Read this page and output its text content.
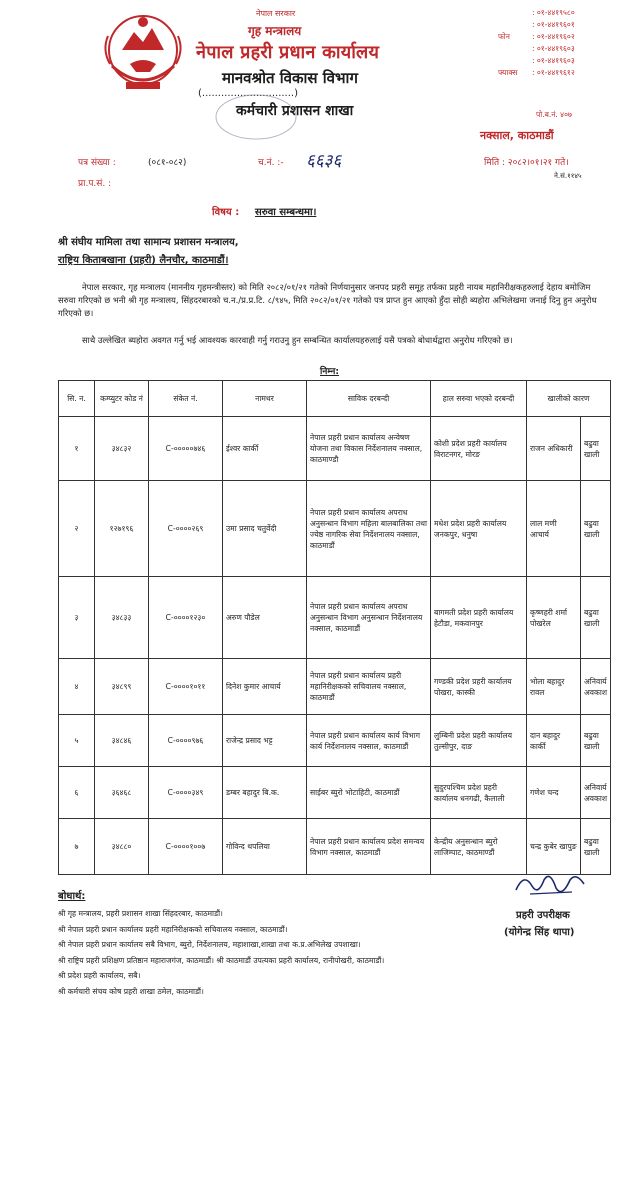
नेपाल सरकार
गृह मन्त्रालय
नेपाल प्रहरी प्रधान कार्यालय
मानवश्रोत विकास विभाग
(.............................)
कर्मचारी प्रशासन शाखा
: ०१-४४१९५८०
: ०१-४४१९६०१
फोन	: ०१-४४१९६०२
: ०१-४४१९६०३
: ०१-४४१९६०३
फ्याक्स : ०१-४४१९६१२
पो.ब.नं. ४०७
नक्साल, काठमाडौं
पत्र संख्या :	(०८१-०८२)	च.नं. :- ६६३६	मिति : २०८२।०१।२१ गते।
प्रा.प.सं. :
ने.सं.११४५
विषय : सरुवा सम्बन्धमा।
श्री संघीय मामिला तथा सामान्य प्रशासन मन्त्रालय,
राष्ट्रिय किताबखाना (प्रहरी) लैनचौर, काठमाडौं।
नेपाल सरकार, गृह मन्त्रालय (माननीय गृहमन्त्रीस्तर) को मिति २०८२/०१/२१ गतेको निर्णयानुसार जनपद प्रहरी समूह तर्फका प्रहरी नायब महानिरीक्षकहरुलाई देहाय बमोजिम सरुवा गरिएको छ भनी श्री गृह मन्त्रालय, सिंहदरबारको च.न./प्र.प्र.टि. ८/९४५, मिति २०८२/०१/२१ गतेको पत्र प्राप्त हुन आएको हुँदा सोही ब्यहोरा अभिलेखमा जनाई दिनु हुन अनुरोध गरिएको छ।
साथै उल्लेखित ब्यहोरा अवगत गर्नु भई आवश्यक कारवाही गर्नु गराउनु हुन सम्बन्धित कार्यालयहरुलाई यसै पत्रको बोधार्थद्वारा अनुरोध गरिएको छ।
निम्न:
सि. न.	कम्प्युटर कोड नं	संकेत नं.	नामथर	साविक दरबन्दी	हाल सरुवा भएको दरबन्दी	खालीको कारण	
१	३४८३२	C-०००००७४६	ईश्वर कार्की	नेपाल प्रहरी प्रधान कार्यालय अन्वेषण योजना तथा विकास निर्देशनालय नक्साल, काठमाण्डौ	कोशी प्रदेश प्रहरी कार्यालय विराटनगर, मोरङ	राजन अधिकारी	बढुवा खाली
२	१२७१९६	C-००००२६९	उमा प्रसाद चतुर्वेदी	नेपाल प्रहरी प्रधान कार्यालय अपराध अनुसन्धान विभाग महिला बालबालिका तथा ज्येष्ठ नागरिक सेवा निर्देशनालय नक्साल, काठमाडौं	मधेश प्रदेश प्रहरी कार्यालय जनकपुर, धनुषा	लाल मणी आचार्य	बढुवा खाली
३	३४८३३	C-००००१२३०	अरुण पौडेल	नेपाल प्रहरी प्रधान कार्यालय अपराध अनुसन्धान विभाग अनुसन्धान निर्देशनालय नक्साल, काठमाडौं	बागमती प्रदेश प्रहरी कार्यालय हेटौडा, मकवानपुर	कृष्णहरी शर्मा पोखरेल	बढुवा खाली
४	३४८९९	C-००००१०११	दिनेश कुमार आचार्य	नेपाल प्रहरी प्रधान कार्यालय प्रहरी महानिरीक्षकको सचिवालय नक्साल, काठमाडौं	गण्डकी प्रदेश प्रहरी कार्यालय पोखरा, कास्की	भोला बहादुर रावल	अनिवार्य अवकाश
५	३४८४६	C-००००९७६	राजेन्द्र प्रसाद भट्ट	नेपाल प्रहरी प्रधान कार्यालय कार्य विभाग कार्य निर्देशनालय नक्साल, काठमाडौं	लुम्बिनी प्रदेश प्रहरी कार्यालय तुल्सीपुर, दाङ	दान बहादुर कार्की	बढुवा खाली
६	३६४६८	C-००००३४९	डम्बर बहादुर बि.क.	साईबर ब्युरो भोटाहिटी, काठमाडौं	सुदुरपश्चिम प्रदेश प्रहरी कार्यालय धनगढी, कैलाली	गणेश चन्द	अनिवार्य अवकाश
७	३४८८०	C-००००१००७	गोविन्द थपलिया	नेपाल प्रहरी प्रधान कार्यालय प्रदेश समन्वय विभाग नक्साल, काठमाडौं	केन्द्रीय अनुसन्धान ब्युरो लाजिम्पाट, काठमाण्डौं	चन्द्र कुबेर खापुङ	बढुवा खाली
बोधार्थ:
श्री गृह मन्त्रालय, प्रहरी प्रशासन शाखा सिंहदरबार, काठमाडौं।
श्री नेपाल प्रहरी प्रधान कार्यालय प्रहरी महानिरीक्षकको सचिवालय नक्साल, काठमाडौं।
श्री नेपाल प्रहरी प्रधान कार्यालय सबै विभाग, ब्युरो, निर्देशनालय, महाशाखा,शाखा तथा क.प्र.अभिलेख उपशाखा।
श्री राष्ट्रिय प्रहरी प्रशिक्षण प्रतिष्ठान महाराजगंज, काठमाडौं। श्री काठमाडौं उपत्यका प्रहरी कार्यालय, रानीपोखरी, काठमाडौं।
श्री प्रदेश प्रहरी कार्यालय, सबै।
श्री कर्मचारी संचय कोष प्रहरी शाखा ठमेल, काठमाडौं।
प्रहरी उपरीक्षक
(योगेन्द्र सिंह थापा)
